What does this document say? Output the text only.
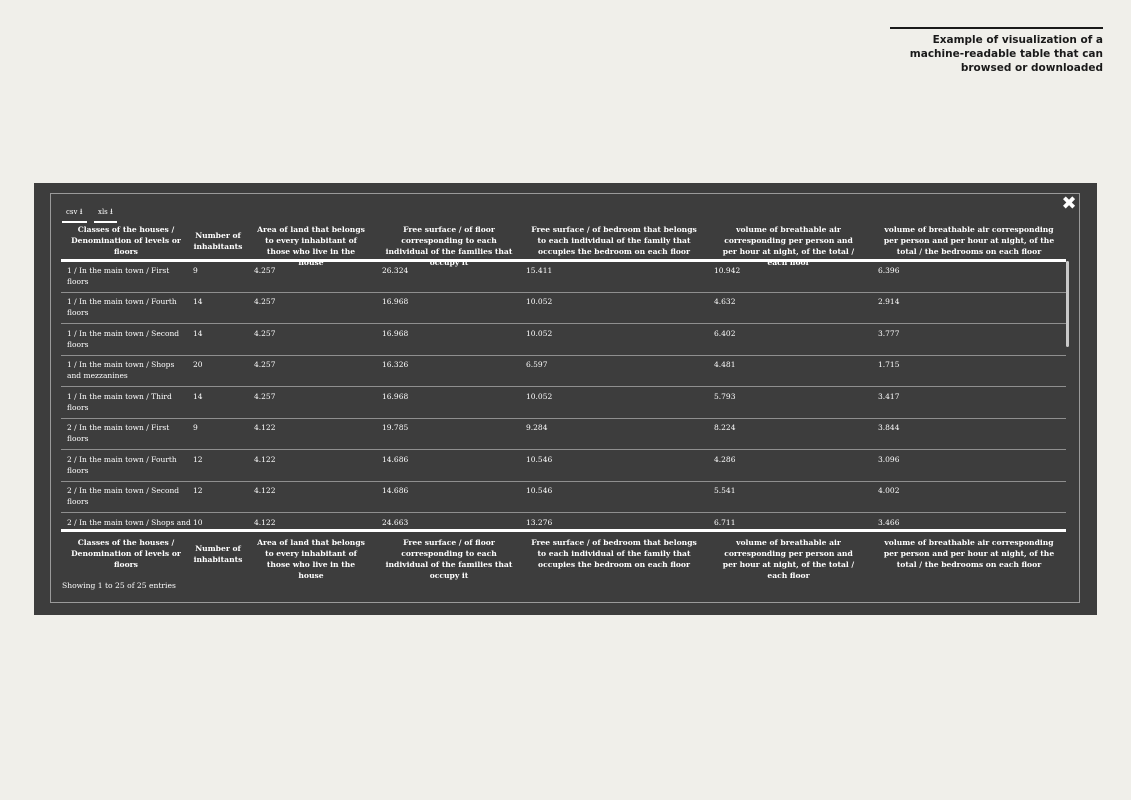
Example of visualization of a
machine-readable table that can
browsed or downloaded
✖
csv ⭳	xls ⭳
Classes of the houses / Denomination of levels or floors
Number of inhabitants
Area of land that belongs to every inhabitant of those who live in the house
Free surface / of floor corresponding to each individual of the families that occupy it
Free surface / of bedroom that belongs to each individual of the family that occupies the bedroom on each floor
volume of breathable air corresponding per person and per hour at night, of the total / each floor
volume of breathable air corresponding per person and per hour at night, of the total / the bedrooms on each floor
1 / In the main town / First floors
9	4.257	26.324	15.411	10.942	6.396
1 / In the main town / Fourth floors
14	4.257	16.968	10.052	4.632	2.914
1 / In the main town / Second floors
14	4.257	16.968	10.052	6.402	3.777
1 / In the main town / Shops and mezzanines
20	4.257	16.326	6.597	4.481	1.715
1 / In the main town / Third floors
14	4.257	16.968	10.052	5.793	3.417
2 / In the main town / First floors
9	4.122	19.785	9.284	8.224	3.844
2 / In the main town / Fourth floors
12	4.122	14.686	10.546	4.286	3.096
2 / In the main town / Second floors
12	4.122	14.686	10.546	5.541	4.002
2 / In the main town / Shops and 10	4.122	24.663	13.276	6.711	3.466
Classes of the houses / Denomination of levels or floors
Number of inhabitants
Area of land that belongs to every inhabitant of those who live in the house
Free surface / of floor corresponding to each individual of the families that occupy it
Free surface / of bedroom that belongs to each individual of the family that occupies the bedroom on each floor
volume of breathable air corresponding per person and per hour at night, of the total / each floor
volume of breathable air corresponding per person and per hour at night, of the total / the bedrooms on each floor
Showing 1 to 25 of 25 entries
